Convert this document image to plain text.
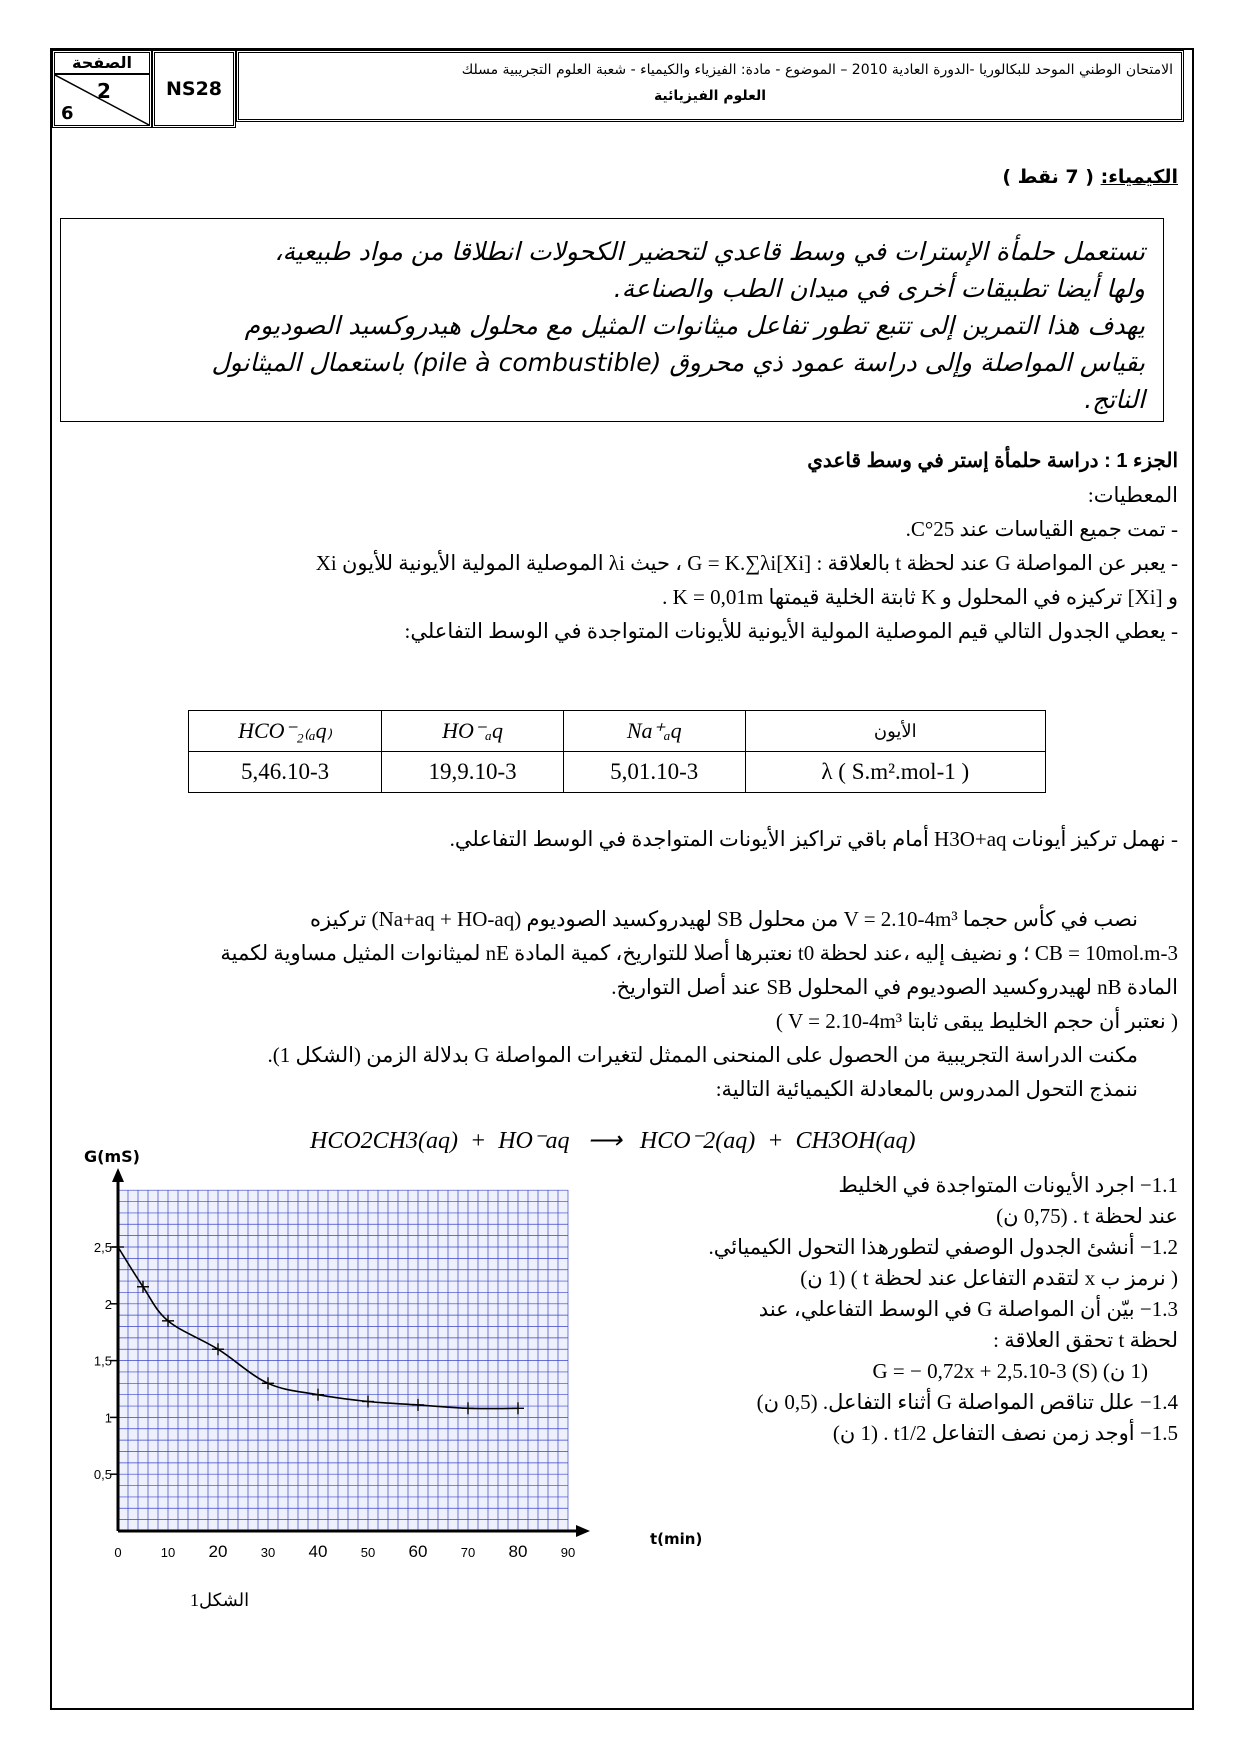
الصفحة
2
6
NS28
الامتحان الوطني الموحد للبكالوريا -الدورة العادية 2010 – الموضوع - مادة: الفيزياء والكيمياء - شعبة العلوم التجريبية مسلك
العلوم الفيزيائية
الكيمياء: ( 7 نقط )
تستعمل حلمأة الإسترات في وسط قاعدي لتحضير الكحولات انطلاقا من مواد طبيعية،
ولها أيضا تطبيقات أخرى في ميدان الطب والصناعة.
يهدف هذا التمرين إلى تتبع تطور تفاعل ميثانوات المثيل مع محلول هيدروكسيد الصوديوم
بقياس المواصلة وإلى دراسة عمود ذي محروق (pile à combustible) باستعمال الميثانول
الناتج.
الجزء 1 : دراسة حلمأة إستر في وسط قاعدي
المعطيات:
- تمت جميع القياسات عند 25°C.
- يعبر عن المواصلة G عند لحظة t بالعلاقة : G = K.∑λi[Xi] ، حيث λi الموصلية المولية الأيونية للأيون Xi
و [Xi] تركيزه في المحلول و K ثابتة الخلية قيمتها K = 0,01m .
- يعطي الجدول التالي قيم الموصلية المولية الأيونية للأيونات المتواجدة في الوسط التفاعلي:
HCO⁻₂₍ₐq₎	HO⁻ₐq	Na⁺ₐq	الأيون
5,46.10-3	19,9.10-3	5,01.10-3	λ ( S.m².mol-1 )
- نهمل تركيز أيونات H3O+aq أمام باقي تراكيز الأيونات المتواجدة في الوسط التفاعلي.
نصب في كأس حجما V = 2.10-4m³ من محلول SB لهيدروكسيد الصوديوم (Na+aq + HO-aq) تركيزه
CB = 10mol.m-3 ؛ و نضيف إليه ،عند لحظة t0 نعتبرها أصلا للتواريخ، كمية المادة nE لميثانوات المثيل مساوية لكمية
المادة nB لهيدروكسيد الصوديوم في المحلول SB عند أصل التواريخ.
( نعتبر أن حجم الخليط يبقى ثابتا V = 2.10-4m³ )
مكنت الدراسة التجريبية من الحصول على المنحنى الممثل لتغيرات المواصلة G بدلالة الزمن (الشكل 1).
ننمذج التحول المدروس بالمعادلة الكيميائية التالية:
HCO2CH3(aq)  +  HO⁻aq   ⟶   HCO⁻2(aq)  +  CH3OH(aq)
1.1− اجرد الأيونات المتواجدة في الخليط
عند لحظة t . (0,75 ن)
1.2− أنشئ الجدول الوصفي لتطورهذا التحول الكيميائي.
( نرمز ب x لتقدم التفاعل عند لحظة t ) (1 ن)
1.3− بيّن أن المواصلة G في الوسط التفاعلي، عند
لحظة t تحقق العلاقة :
(1 ن) G = − 0,72x + 2,5.10-3 (S)
1.4− علل تناقص المواصلة G أثناء التفاعل. (0,5 ن)
1.5− أوجد زمن نصف التفاعل t1/2 . (1 ن)
G(mS)
t(min)
0	10 20	30 40	50 60	70 80	90
0,5
1
1,5
2
2,5
الشكل1
